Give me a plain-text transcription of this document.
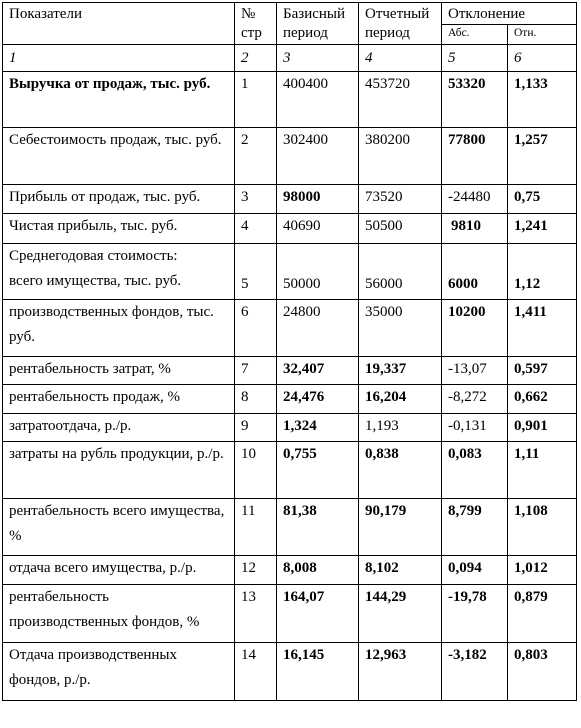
Показатели	№ стр	Базисный период	Отчетный период	Отклонение	
				Абс.	Отн.
1	2	3	4	5	6
Выручка от продаж, тыс. руб.	1	400400	453720	53320	1,133
Себестоимость продаж, тыс. руб.	2	302400	380200	77800	1,257
Прибыль от продаж, тыс. руб.	3	98000	73520	-24480	0,75
Чистая прибыль, тыс. руб.	4	40690	50500	9810	1,241

Среднегодовая стоимость:
всего имущества, тыс. руб.	5	50000	56000	6000	1,12
производственных фондов, тыс. руб.	6	24800	35000	10200	1,411
рентабельность затрат, %	7	32,407	19,337	-13,07	0,597
рентабельность продаж, %	8	24,476	16,204	-8,272	0,662
затратоотдача, р./р.	9	1,324	1,193	-0,131	0,901
затраты на рубль продукции, р./р.	10	0,755	0,838	0,083	1,11
рентабельность всего имущества, %	11	81,38	90,179	8,799	1,108
отдача всего имущества, р./р.	12	8,008	8,102	0,094	1,012
рентабельность производственных фондов, %	13	164,07	144,29	-19,78	0,879
Отдача производственных фондов, р./р.	14	16,145	12,963	-3,182	0,803
